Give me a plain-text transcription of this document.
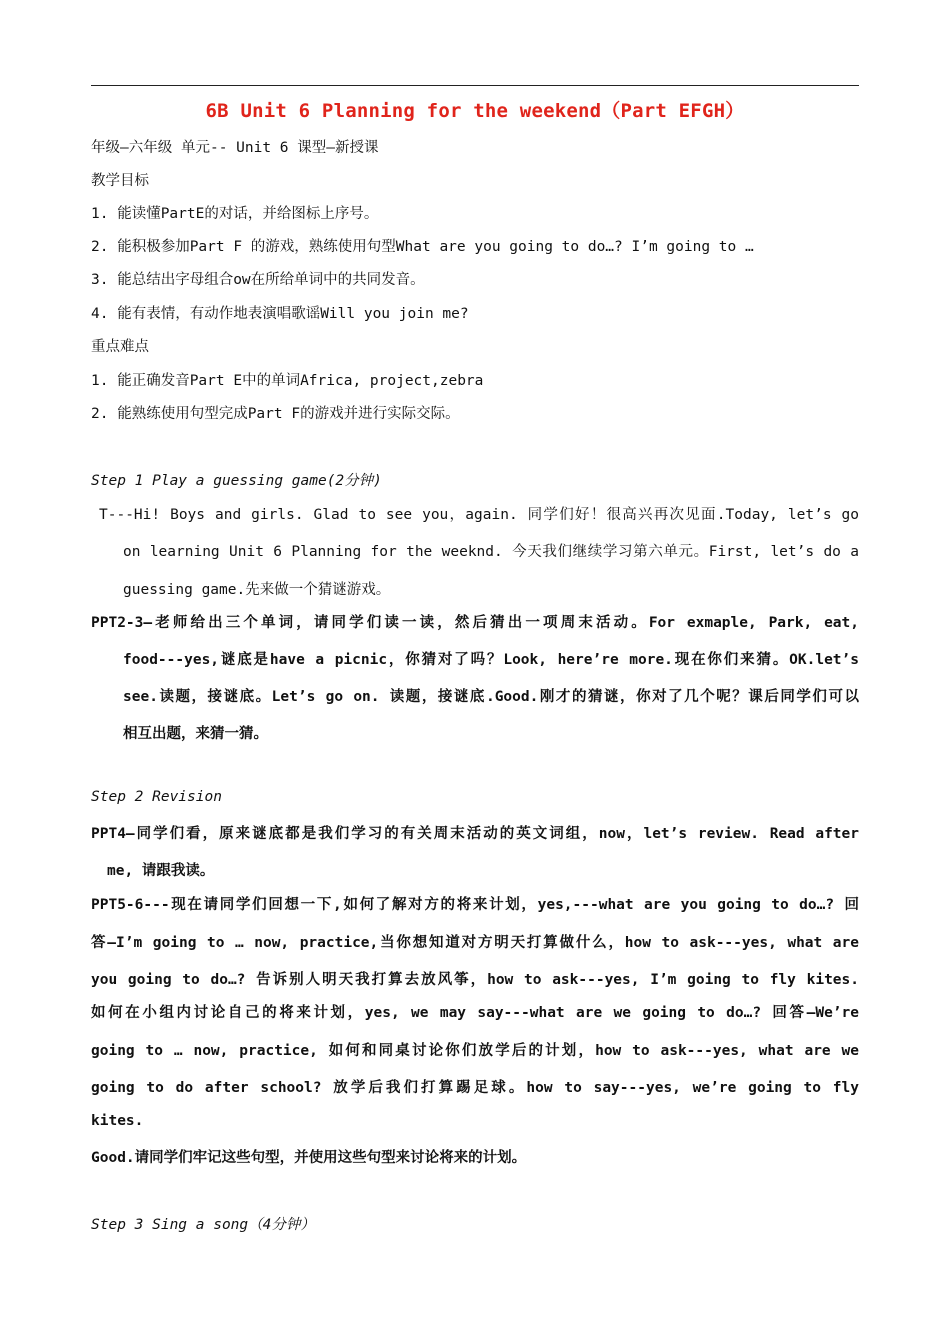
6B Unit 6 Planning for the weekend（Part EFGH）
年级—六年级 单元-- Unit 6 课型—新授课
教学目标
1. 能读懂PartE的对话，并给图标上序号。
2. 能积极参加Part F 的游戏，熟练使用句型What are you going to do…? I’m going to …
3. 能总结出字母组合ow在所给单词中的共同发音。
4. 能有表情，有动作地表演唱歌谣Will you join me?
重点难点
1. 能正确发音Part E中的单词Africa, project,zebra
2. 能熟练使用句型完成Part F的游戏并进行实际交际。
Step 1 Play a guessing game(2分钟)
T---Hi! Boys and girls. Glad to see you，again. 同学们好！很高兴再次见面.Today, let’s go
on learning Unit 6 Planning for the weeknd. 今天我们继续学习第六单元。First, let’s do a
guessing game.先来做一个猜谜游戏。
PPT2-3—老师给出三个单词，请同学们读一读，然后猜出一项周末活动。For exmaple, Park, eat,
food---yes,谜底是have a picnic，你猜对了吗？Look, here’re more.现在你们来猜。OK.let’s
see.读题，接谜底。Let’s go on. 读题，接谜底.Good.刚才的猜谜，你对了几个呢？课后同学们可以
相互出题，来猜一猜。
Step 2 Revision
PPT4—同学们看，原来谜底都是我们学习的有关周末活动的英文词组，now，let’s review. Read after
me, 请跟我读。
PPT5-6---现在请同学们回想一下,如何了解对方的将来计划，yes,---what are you going to do…? 回
答—I’m going to … now, practice,当你想知道对方明天打算做什么，how to ask---yes, what are
you going to do…? 告诉别人明天我打算去放风筝，how to ask---yes, I’m going to fly kites.
如何在小组内讨论自己的将来计划，yes, we may say---what are we going to do…? 回答—We’re
going to … now, practice, 如何和同桌讨论你们放学后的计划，how to ask---yes, what are we
going to do after school? 放学后我们打算踢足球。how to say---yes, we’re going to fly
kites.
Good.请同学们牢记这些句型，并使用这些句型来讨论将来的计划。
Step 3 Sing a song（4分钟）
